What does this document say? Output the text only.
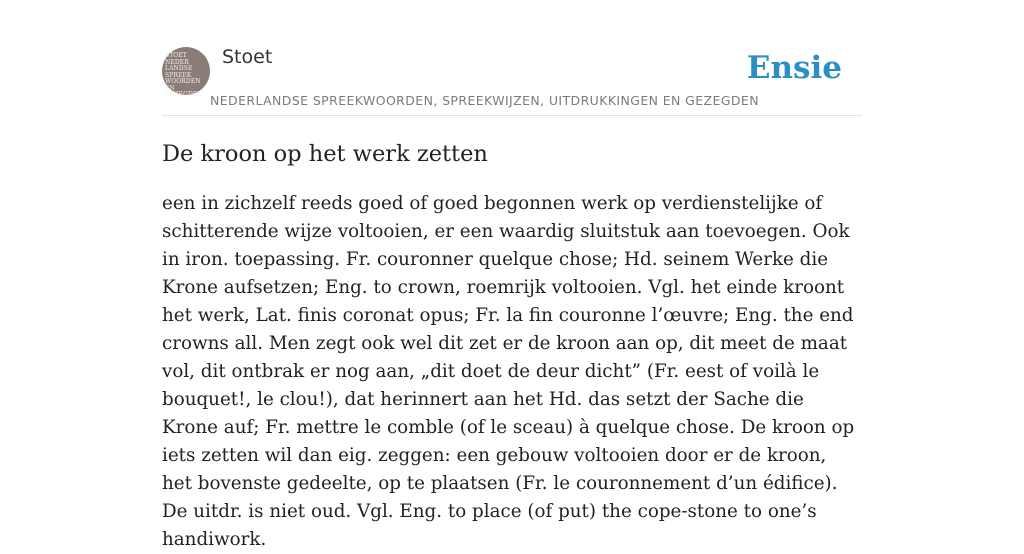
STOET
NEDER
LANDSE
SPREEK
WOORDEN EN
GEZEGDEN
Stoet
NEDERLANDSE SPREEKWOORDEN, SPREEKWIJZEN, UITDRUKKINGEN EN GEZEGDEN
Ensie
De kroon op het werk zetten

een in zichzelf reeds goed of goed begonnen werk op verdienstelijke of schitterende wijze voltooien, er een waardig sluitstuk aan toevoegen. Ook in iron. toepassing. Fr. couronner quelque chose; Hd. seinem Werke die Krone aufsetzen; Eng. to crown, roemrijk voltooien. Vgl. het einde kroont het werk, Lat. finis coronat opus; Fr. la fin couronne l’œuvre; Eng. the end crowns all. Men zegt ook wel dit zet er de kroon aan op, dit meet de maat vol, dit ontbrak er nog aan, „dit doet de deur dicht” (Fr. eest of voilà le bouquet!, le clou!), dat herinnert aan het Hd. das setzt der Sache die Krone auf; Fr. mettre le comble (of le sceau) à quelque chose. De kroon op iets zetten wil dan eig. zeggen: een gebouw voltooien door er de kroon, het bovenste gedeelte, op te plaatsen (Fr. le couronnement d’un édifice). De uitdr. is niet oud. Vgl. Eng. to place (of put) the cope-stone to one’s handiwork.
